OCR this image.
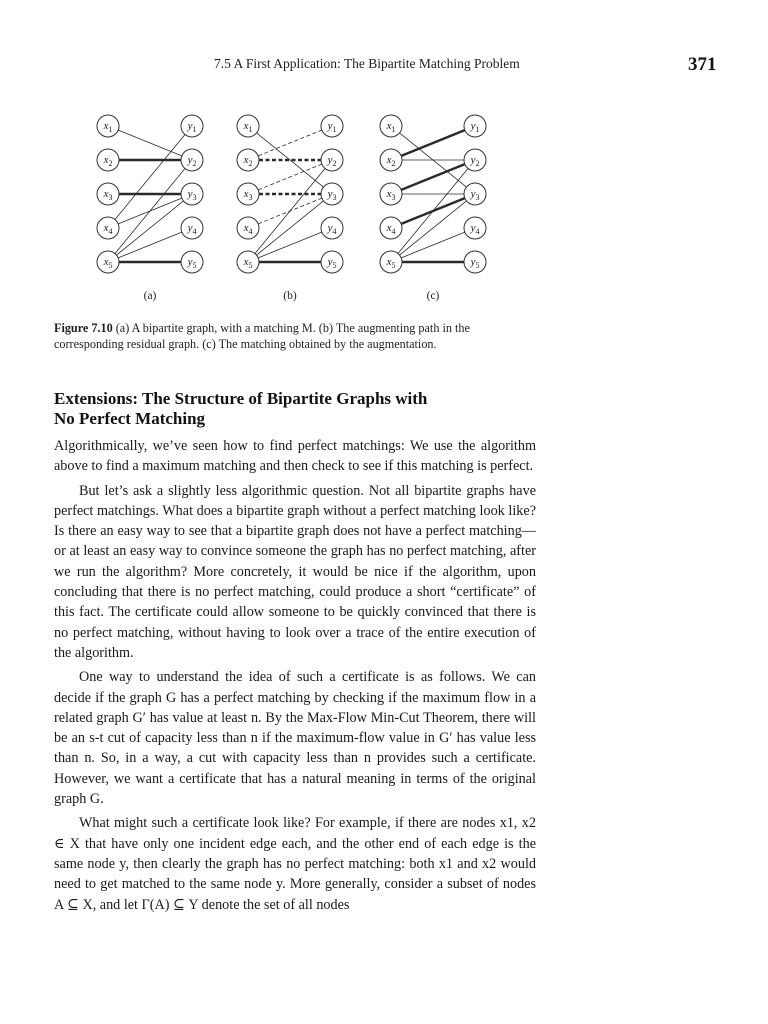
7.5 A First Application: The Bipartite Matching Problem	371
$x_1$
$x_2$
$x_3$
$x_4$
$x_5$
$y_1$
$y_2$
$y_3$
$y_4$
$y_5$
(a)
$x_1$
$x_2$
$x_3$
$x_4$
$x_5$
$y_1$
$y_2$
$y_3$
$y_4$
$y_5$
(b)
$x_1$
$x_2$
$x_3$
$x_4$
$x_5$
$y_1$
$y_2$
$y_3$
$y_4$
$y_5$
(c)
Figure 7.10 (a) A bipartite graph, with a matching M. (b) The augmenting path in the corresponding residual graph. (c) The matching obtained by the augmentation.
Extensions: The Structure of Bipartite Graphs with
No Perfect Matching

Algorithmically, we’ve seen how to find perfect matchings: We use the algorithm above to find a maximum matching and then check to see if this matching is perfect.

But let’s ask a slightly less algorithmic question. Not all bipartite graphs have perfect matchings. What does a bipartite graph without a perfect matching look like? Is there an easy way to see that a bipartite graph does not have a perfect matching—or at least an easy way to convince someone the graph has no perfect matching, after we run the algorithm? More concretely, it would be nice if the algorithm, upon concluding that there is no perfect matching, could produce a short “certificate” of this fact. The certificate could allow someone to be quickly convinced that there is no perfect matching, without having to look over a trace of the entire execution of the algorithm.

One way to understand the idea of such a certificate is as follows. We can decide if the graph G has a perfect matching by checking if the maximum flow in a related graph G′ has value at least n. By the Max-Flow Min-Cut Theorem, there will be an s-t cut of capacity less than n if the maximum-flow value in G′ has value less than n. So, in a way, a cut with capacity less than n provides such a certificate. However, we want a certificate that has a natural meaning in terms of the original graph G.

What might such a certificate look like? For example, if there are nodes x1, x2 ∈ X that have only one incident edge each, and the other end of each edge is the same node y, then clearly the graph has no perfect matching: both x1 and x2 would need to get matched to the same node y. More generally, consider a subset of nodes A ⊆ X, and let Γ(A) ⊆ Y denote the set of all nodes
